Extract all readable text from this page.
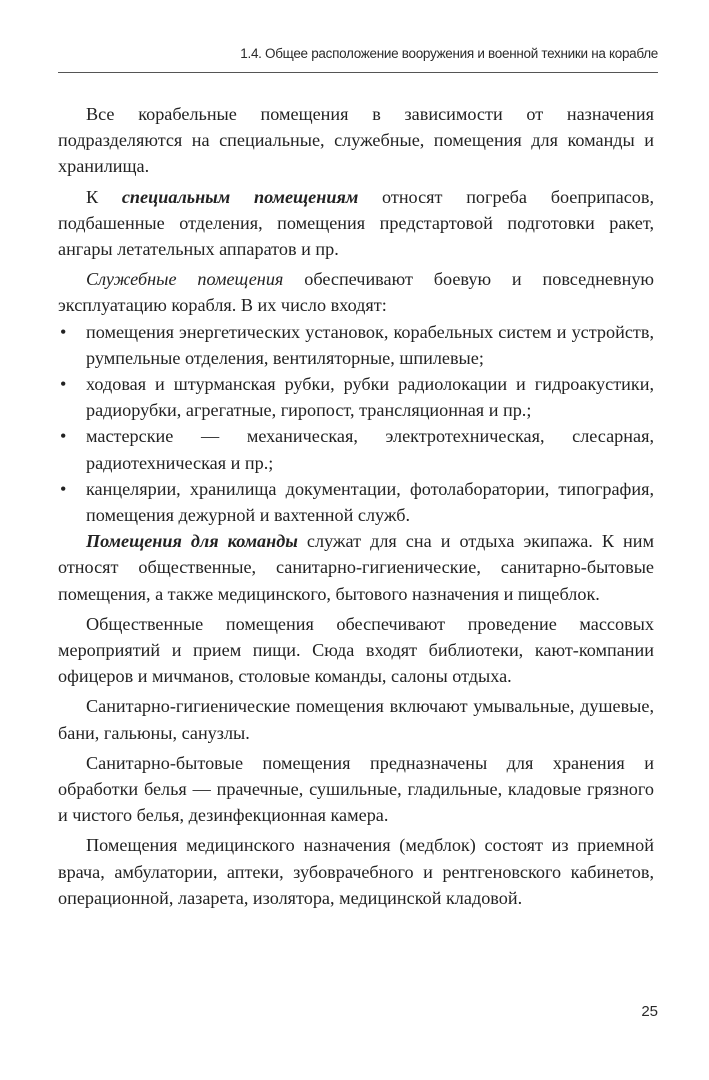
1.4. Общее расположение вооружения и военной техники на корабле

Все корабельные помещения в зависимости от назначения подразделяются на специальные, служебные, помещения для команды и хранилища.

К специальным помещениям относят погреба боеприпасов, подбашенные отделения, помещения предстартовой подготовки ракет, ангары летательных аппаратов и пр.

Служебные помещения обеспечивают боевую и повседневную эксплуатацию корабля. В их число входят:

• помещения энергетических установок, корабельных систем и устройств, румпельные отделения, вентиляторные, шпилевые;
• ходовая и штурманская рубки, рубки радиолокации и гидроакустики, радиорубки, агрегатные, гиропост, трансляционная и пр.;
• мастерские — механическая, электротехническая, слесарная, радиотехническая и пр.;
• канцелярии, хранилища документации, фотолаборатории, типография, помещения дежурной и вахтенной служб.

Помещения для команды служат для сна и отдыха экипажа. К ним относят общественные, санитарно-гигиенические, санитарно-бытовые помещения, а также медицинского, бытового назначения и пищеблок.

Общественные помещения обеспечивают проведение массовых мероприятий и прием пищи. Сюда входят библиотеки, кают-компании офицеров и мичманов, столовые команды, салоны отдыха.

Санитарно-гигиенические помещения включают умывальные, душевые, бани, гальюны, санузлы.

Санитарно-бытовые помещения предназначены для хранения и обработки белья — прачечные, сушильные, гладильные, кладовые грязного и чистого белья, дезинфекционная камера.

Помещения медицинского назначения (медблок) состоят из приемной врача, амбулатории, аптеки, зубоврачебного и рентгеновского кабинетов, операционной, лазарета, изолятора, медицинской кладовой.

25
